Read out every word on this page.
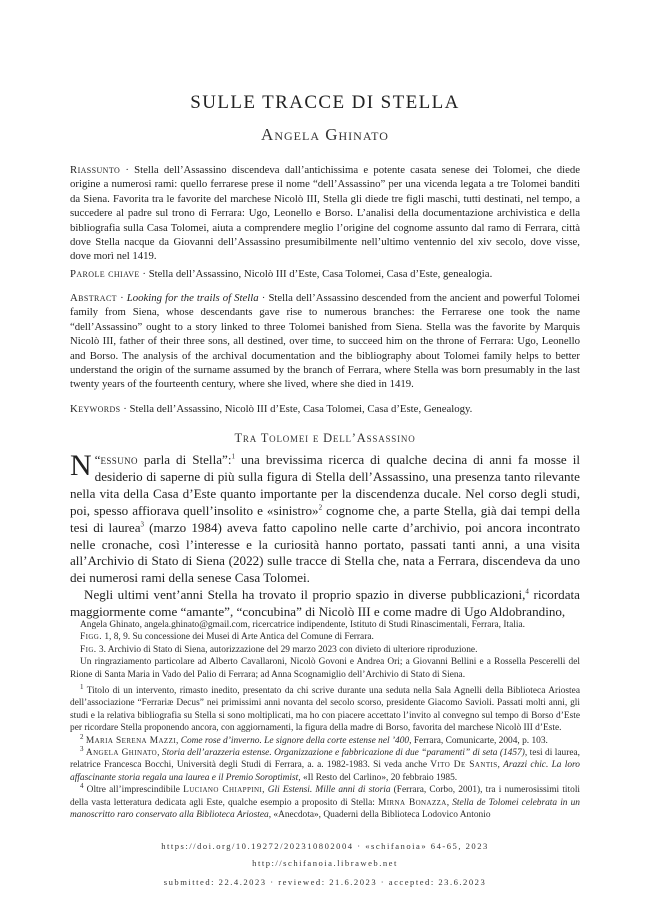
SULLE TRACCE DI STELLA
Angela Ghinato
Riassunto · Stella dell’Assassino discendeva dall’antichissima e potente casata senese dei Tolomei, che diede origine a numerosi rami: quello ferrarese prese il nome “dell’Assassino” per una vicenda legata a tre Tolomei banditi da Siena. Favorita tra le favorite del marchese Nicolò III, Stella gli diede tre figli maschi, tutti destinati, nel tempo, a succedere al padre sul trono di Ferrara: Ugo, Leonello e Borso. L’analisi della documentazione archivistica e della bibliografia sulla Casa Tolomei, aiuta a comprendere meglio l’origine del cognome assunto dal ramo di Ferrara, città dove Stella nacque da Giovanni dell’Assassino presumibilmente nell’ultimo ventennio del xiv secolo, dove visse, dove morì nel 1419.
Parole chiave · Stella dell’Assassino, Nicolò III d’Este, Casa Tolomei, Casa d’Este, genealogia.
Abstract · Looking for the trails of Stella · Stella dell’Assassino descended from the ancient and powerful Tolomei family from Siena, whose descendants gave rise to numerous branches: the Ferrarese one took the name “dell’Assassino” ought to a story linked to three Tolomei banished from Siena. Stella was the favorite by Marquis Nicolò III, father of their three sons, all destined, over time, to succeed him on the throne of Ferrara: Ugo, Leonello and Borso. The analysis of the archival documentation and the bibliography about Tolomei family helps to better understand the origin of the surname assumed by the branch of Ferrara, where Stella was born presumably in the last twenty years of the fourteenth century, where she lived, where she died in 1419.
Keywords · Stella dell’Assassino, Nicolò III d’Este, Casa Tolomei, Casa d’Este, Genealogy.
Tra Tolomei e Dell’Assassino

“
N essuno parla di Stella”:$^1$ una brevissima ricerca di qualche decina di anni fa mosse il desiderio di saperne di più sulla figura di Stella dell’Assassino, una presenza tanto rilevante nella vita della Casa d’Este quanto importante per la discendenza ducale. Nel corso degli studi, poi, spesso affiorava quell’insolito e «sinistro»$^2$ cognome che, a parte Stella, già dai tempi della tesi di laurea$^3$ (marzo 1984) aveva fatto capolino nelle carte d’archivio, poi ancora incontrato nelle cronache, così l’interesse e la curiosità hanno portato, passati tanti anni, a una visita all’Archivio di Stato di Siena (2022) sulle tracce di Stella che, nata a Ferrara, discendeva da uno dei numerosi rami della senese Casa Tolomei.

Negli ultimi vent’anni Stella ha trovato il proprio spazio in diverse pubblicazioni,$^4$ ricordata maggiormente come “amante”, “concubina” di Nicolò III e come madre di Ugo Aldobrandino,

Angela Ghinato, angela.ghinato@gmail.com, ricercatrice indipendente, Istituto di Studi Rinascimentali, Ferrara, Italia.

Figg. 1, 8, 9. Su concessione dei Musei di Arte Antica del Comune di Ferrara.

Fig. 3. Archivio di Stato di Siena, autorizzazione del 29 marzo 2023 con divieto di ulteriore riproduzione.

Un ringraziamento particolare ad Alberto Cavallaroni, Nicolò Govoni e Andrea Ori; a Giovanni Bellini e a Rossella Pescerelli del Rione di Santa Maria in Vado del Palio di Ferrara; ad Anna Scognamiglio dell’Archivio di Stato di Siena.

$^1$ Titolo di un intervento, rimasto inedito, presentato da chi scrive durante una seduta nella Sala Agnelli della Biblioteca Ariostea dell’associazione “Ferrariæ Decus” nei primissimi anni novanta del secolo scorso, presidente Giacomo Savioli. Passati molti anni, gli studi e la relativa bibliografia su Stella si sono moltiplicati, ma ho con piacere accettato l’invito al convegno sul tempo di Borso d’Este per ricordare Stella proponendo ancora, con aggiornamenti, la figura della madre di Borso, favorita del marchese Nicolò III d’Este.

$^2$ Maria Serena Mazzi, Come rose d’inverno. Le signore della corte estense nel ’400, Ferrara, Comunicarte, 2004, p. 103.

$^3$ Angela Ghinato, Storia dell’arazzeria estense. Organizzazione e fabbricazione di due “paramenti” di seta (1457), tesi di laurea, relatrice Francesca Bocchi, Università degli Studi di Ferrara, a. a. 1982-1983. Si veda anche Vito De Santis, Arazzi chic. La loro affascinante storia regala una laurea e il Premio Soroptimist, «Il Resto del Carlino», 20 febbraio 1985.

$^4$ Oltre all’imprescindibile Luciano Chiappini, Gli Estensi. Mille anni di storia (Ferrara, Corbo, 2001), tra i numerosissimi titoli della vasta letteratura dedicata agli Este, qualche esempio a proposito di Stella: Mirna Bonazza, Stella de Tolomei celebrata in un manoscritto raro conservato alla Biblioteca Ariostea, «Anecdota», Quaderni della Biblioteca Lodovico Antonio

https://doi.org/10.19272/202310802004 · «schifanoia» 64-65, 2023
http://schifanoia.libraweb.net
submitted: 22.4.2023 · reviewed: 21.6.2023 · accepted: 23.6.2023
